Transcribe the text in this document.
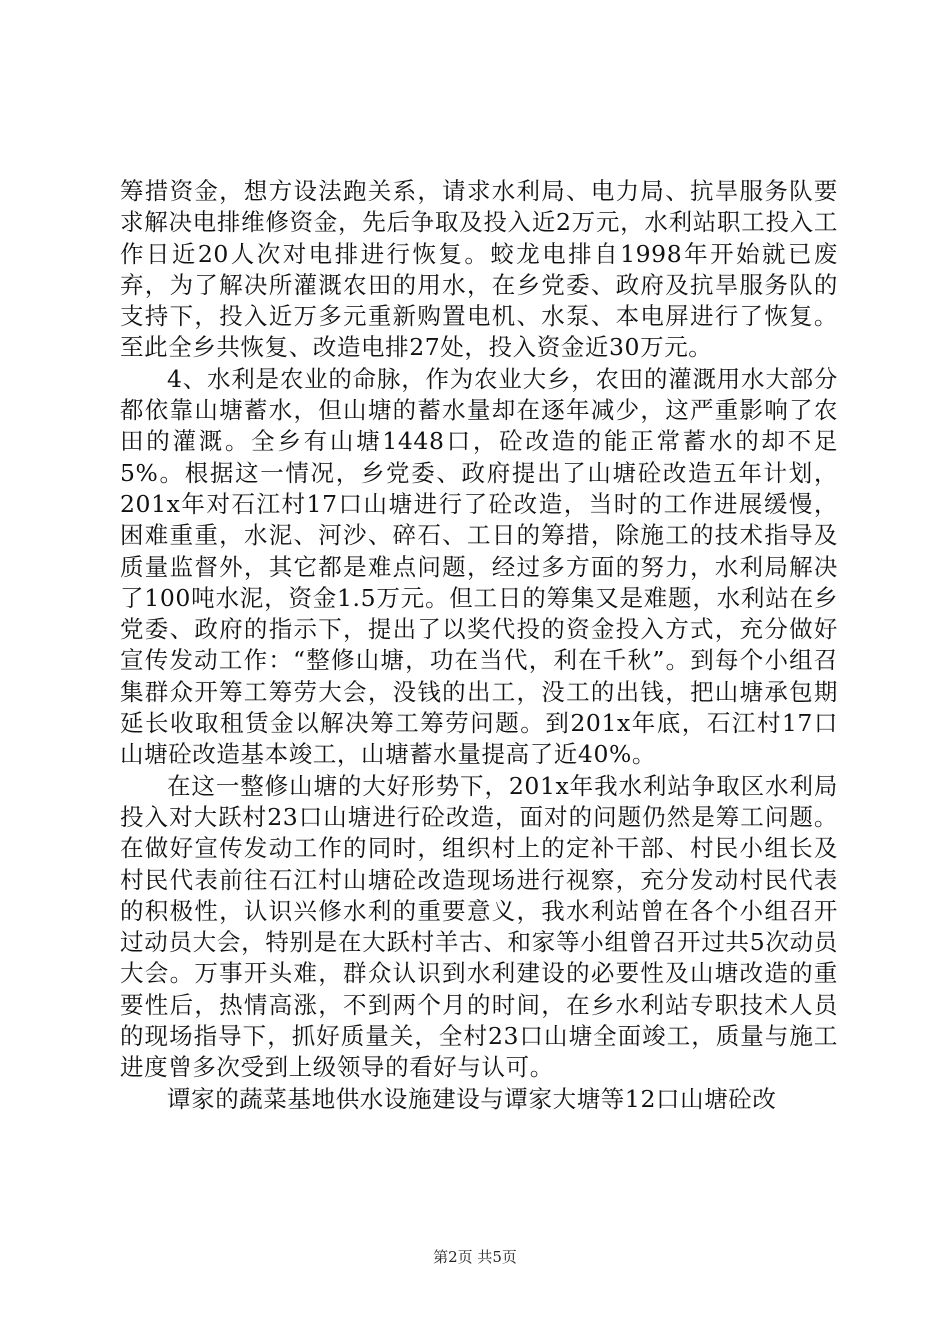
筹措资金，想方设法跑关系，请求水利局、电力局、抗旱服务队要求解决电排维修资金，先后争取及投入近2万元，水利站职工投入工作日近20人次对电排进行恢复。蛟龙电排自1998年开始就已废弃，为了解决所灌溉农田的用水，在乡党委、政府及抗旱服务队的支持下，投入近万多元重新购置电机、水泵、本电屏进行了恢复。至此全乡共恢复、改造电排27处，投入资金近30万元。

4、水利是农业的命脉，作为农业大乡，农田的灌溉用水大部分都依靠山塘蓄水，但山塘的蓄水量却在逐年减少，这严重影响了农田的灌溉。全乡有山塘1448口，砼改造的能正常蓄水的却不足5%。根据这一情况，乡党委、政府提出了山塘砼改造五年计划，201x年对石江村17口山塘进行了砼改造，当时的工作进展缓慢，困难重重，水泥、河沙、碎石、工日的筹措，除施工的技术指导及质量监督外，其它都是难点问题，经过多方面的努力，水利局解决了100吨水泥，资金1.5万元。但工日的筹集又是难题，水利站在乡党委、政府的指示下，提出了以奖代投的资金投入方式，充分做好宣传发动工作：“整修山塘，功在当代，利在千秋”。到每个小组召集群众开筹工筹劳大会，没钱的出工，没工的出钱，把山塘承包期延长收取租赁金以解决筹工筹劳问题。到201x年底，石江村17口山塘砼改造基本竣工，山塘蓄水量提高了近40%。

在这一整修山塘的大好形势下，201x年我水利站争取区水利局投入对大跃村23口山塘进行砼改造，面对的问题仍然是筹工问题。在做好宣传发动工作的同时，组织村上的定补干部、村民小组长及村民代表前往石江村山塘砼改造现场进行视察，充分发动村民代表的积极性，认识兴修水利的重要意义，我水利站曾在各个小组召开过动员大会，特别是在大跃村羊古、和家等小组曾召开过共5次动员大会。万事开头难，群众认识到水利建设的必要性及山塘改造的重要性后，热情高涨，不到两个月的时间，在乡水利站专职技术人员的现场指导下，抓好质量关，全村23口山塘全面竣工，质量与施工进度曾多次受到上级领导的看好与认可。

谭家的蔬菜基地供水设施建设与谭家大塘等12口山塘砼改

第2页 共5页
